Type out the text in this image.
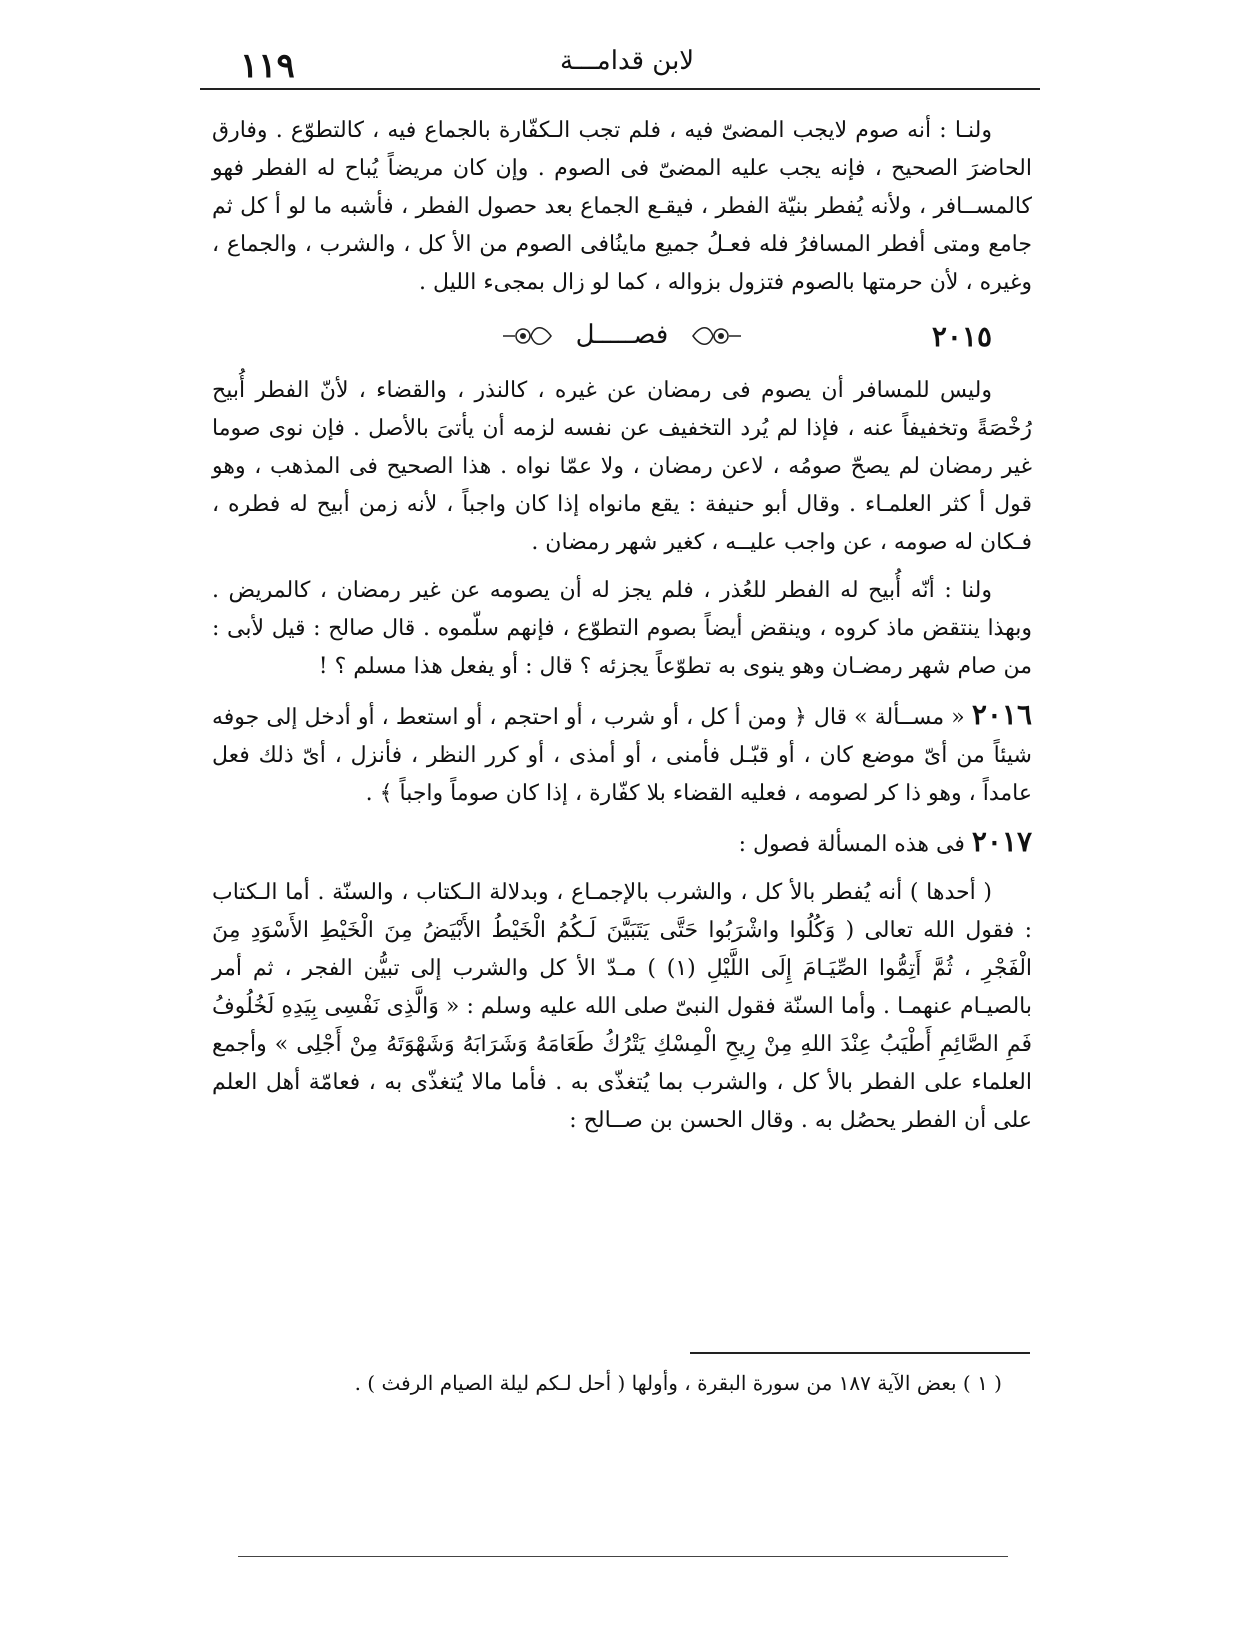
١١٩	لابن قدامـــة

ولنـا : أنه صوم لايجب المضىّ فيه ، فلم تجب الـكفّارة بالجماع فيه ، كالتطوّع . وفارق الحاضرَ الصحيح ، فإنه يجب عليه المضىّ فى الصوم . وإن كان مريضاً يُباح له الفطر فهو كالمســافر ، ولأنه يُفطر بنيّة الفطر ، فيقـع الجماع بعد حصول الفطر ، فأشبه ما لو أ كل ثم جامع ومتى أفطر المسافرُ فله فعـلُ جميع ماينُافى الصوم من الأ كل ، والشرب ، والجماع ، وغيره ، لأن حرمتها بالصوم فتزول بزواله ، كما لو زال بمجىء الليل .

٢٠١٥
فصـــــل

وليس للمسافر أن يصوم فى رمضان عن غيره ، كالنذر ، والقضاء ، لأنّ الفطر أُبيح رُخْصَةً وتخفيفاً عنه ، فإذا لم يُرد التخفيف عن نفسه لزمه أن يأتىَ بالأصل . فإن نوى صوما غير رمضان لم يصحّ صومُه ، لاعن رمضان ، ولا عمّا نواه . هذا الصحيح فى المذهب ، وهو قول أ كثر العلمـاء . وقال أبو حنيفة : يقع مانواه إذا كان واجباً ، لأنه زمن أبيح له فطره ، فـكان له صومه ، عن واجب عليــه ، كغير شهر رمضان .

ولنا : أنّه أُبيح له الفطر للعُذر ، فلم يجز له أن يصومه عن غير رمضان ، كالمريض . وبهذا ينتقض ماذ كروه ، وينقض أيضاً بصوم التطوّع ، فإنهم سلّموه . قال صالح : قيل لأبى : من صام شهر رمضـان وهو ينوى به تطوّعاً يجزئه ؟ قال : أو يفعل هذا مسلم ؟ !

٢٠١٦ « مســألة » قال ﴿ ومن أ كل ، أو شرب ، أو احتجم ، أو استعط ، أو أدخل إلى جوفه شيئاً من أىّ موضع كان ، أو قبّـل فأمنى ، أو أمذى ، أو كرر النظر ، فأنزل ، أىّ ذلك فعل عامداً ، وهو ذا كر لصومه ، فعليه القضاء بلا كفّارة ، إذا كان صوماً واجباً ﴾ .

٢٠١٧ فى هذه المسألة فصول :

( أحدها ) أنه يُفطر بالأ كل ، والشرب بالإجمـاع ، وبدلالة الـكتاب ، والسنّة . أما الـكتاب : فقول الله تعالى ( وَكُلُوا واشْرَبُوا حَتَّى يَتَبَيَّنَ لَـكُمُ الْخَيْطُ الأَبْيَضُ مِنَ الْخَيْطِ الأَسْوَدِ مِنَ الْفَجْرِ ، ثُمَّ أَتِمُّوا الصِّيَـامَ إِلَى اللَّيْلِ (١) ) مـدّ الأ كل والشرب إلى تبيُّن الفجر ، ثم أمر بالصيـام عنهمـا . وأما السنّة فقول النبىّ صلى الله عليه وسلم : « وَالَّذِى نَفْسِى بِيَدِهِ لَخُلُوفُ فَمِ الصَّائِمِ أَطْيَبُ عِنْدَ اللهِ مِنْ رِيحِ الْمِسْكِ يَتْرُكُ طَعَامَهُ وَشَرَابَهُ وَشَهْوَتَهُ مِنْ أَجْلِى » وأجمع العلماء على الفطر بالأ كل ، والشرب بما يُتغذّى به . فأما مالا يُتغذّى به ، فعامّة أهل العلم على أن الفطر يحصُل به . وقال الحسن بن صــالح :

( ١ ) بعض الآية ١٨٧ من سورة البقرة ، وأولها ( أحل لـكم ليلة الصيام الرفث ) .
